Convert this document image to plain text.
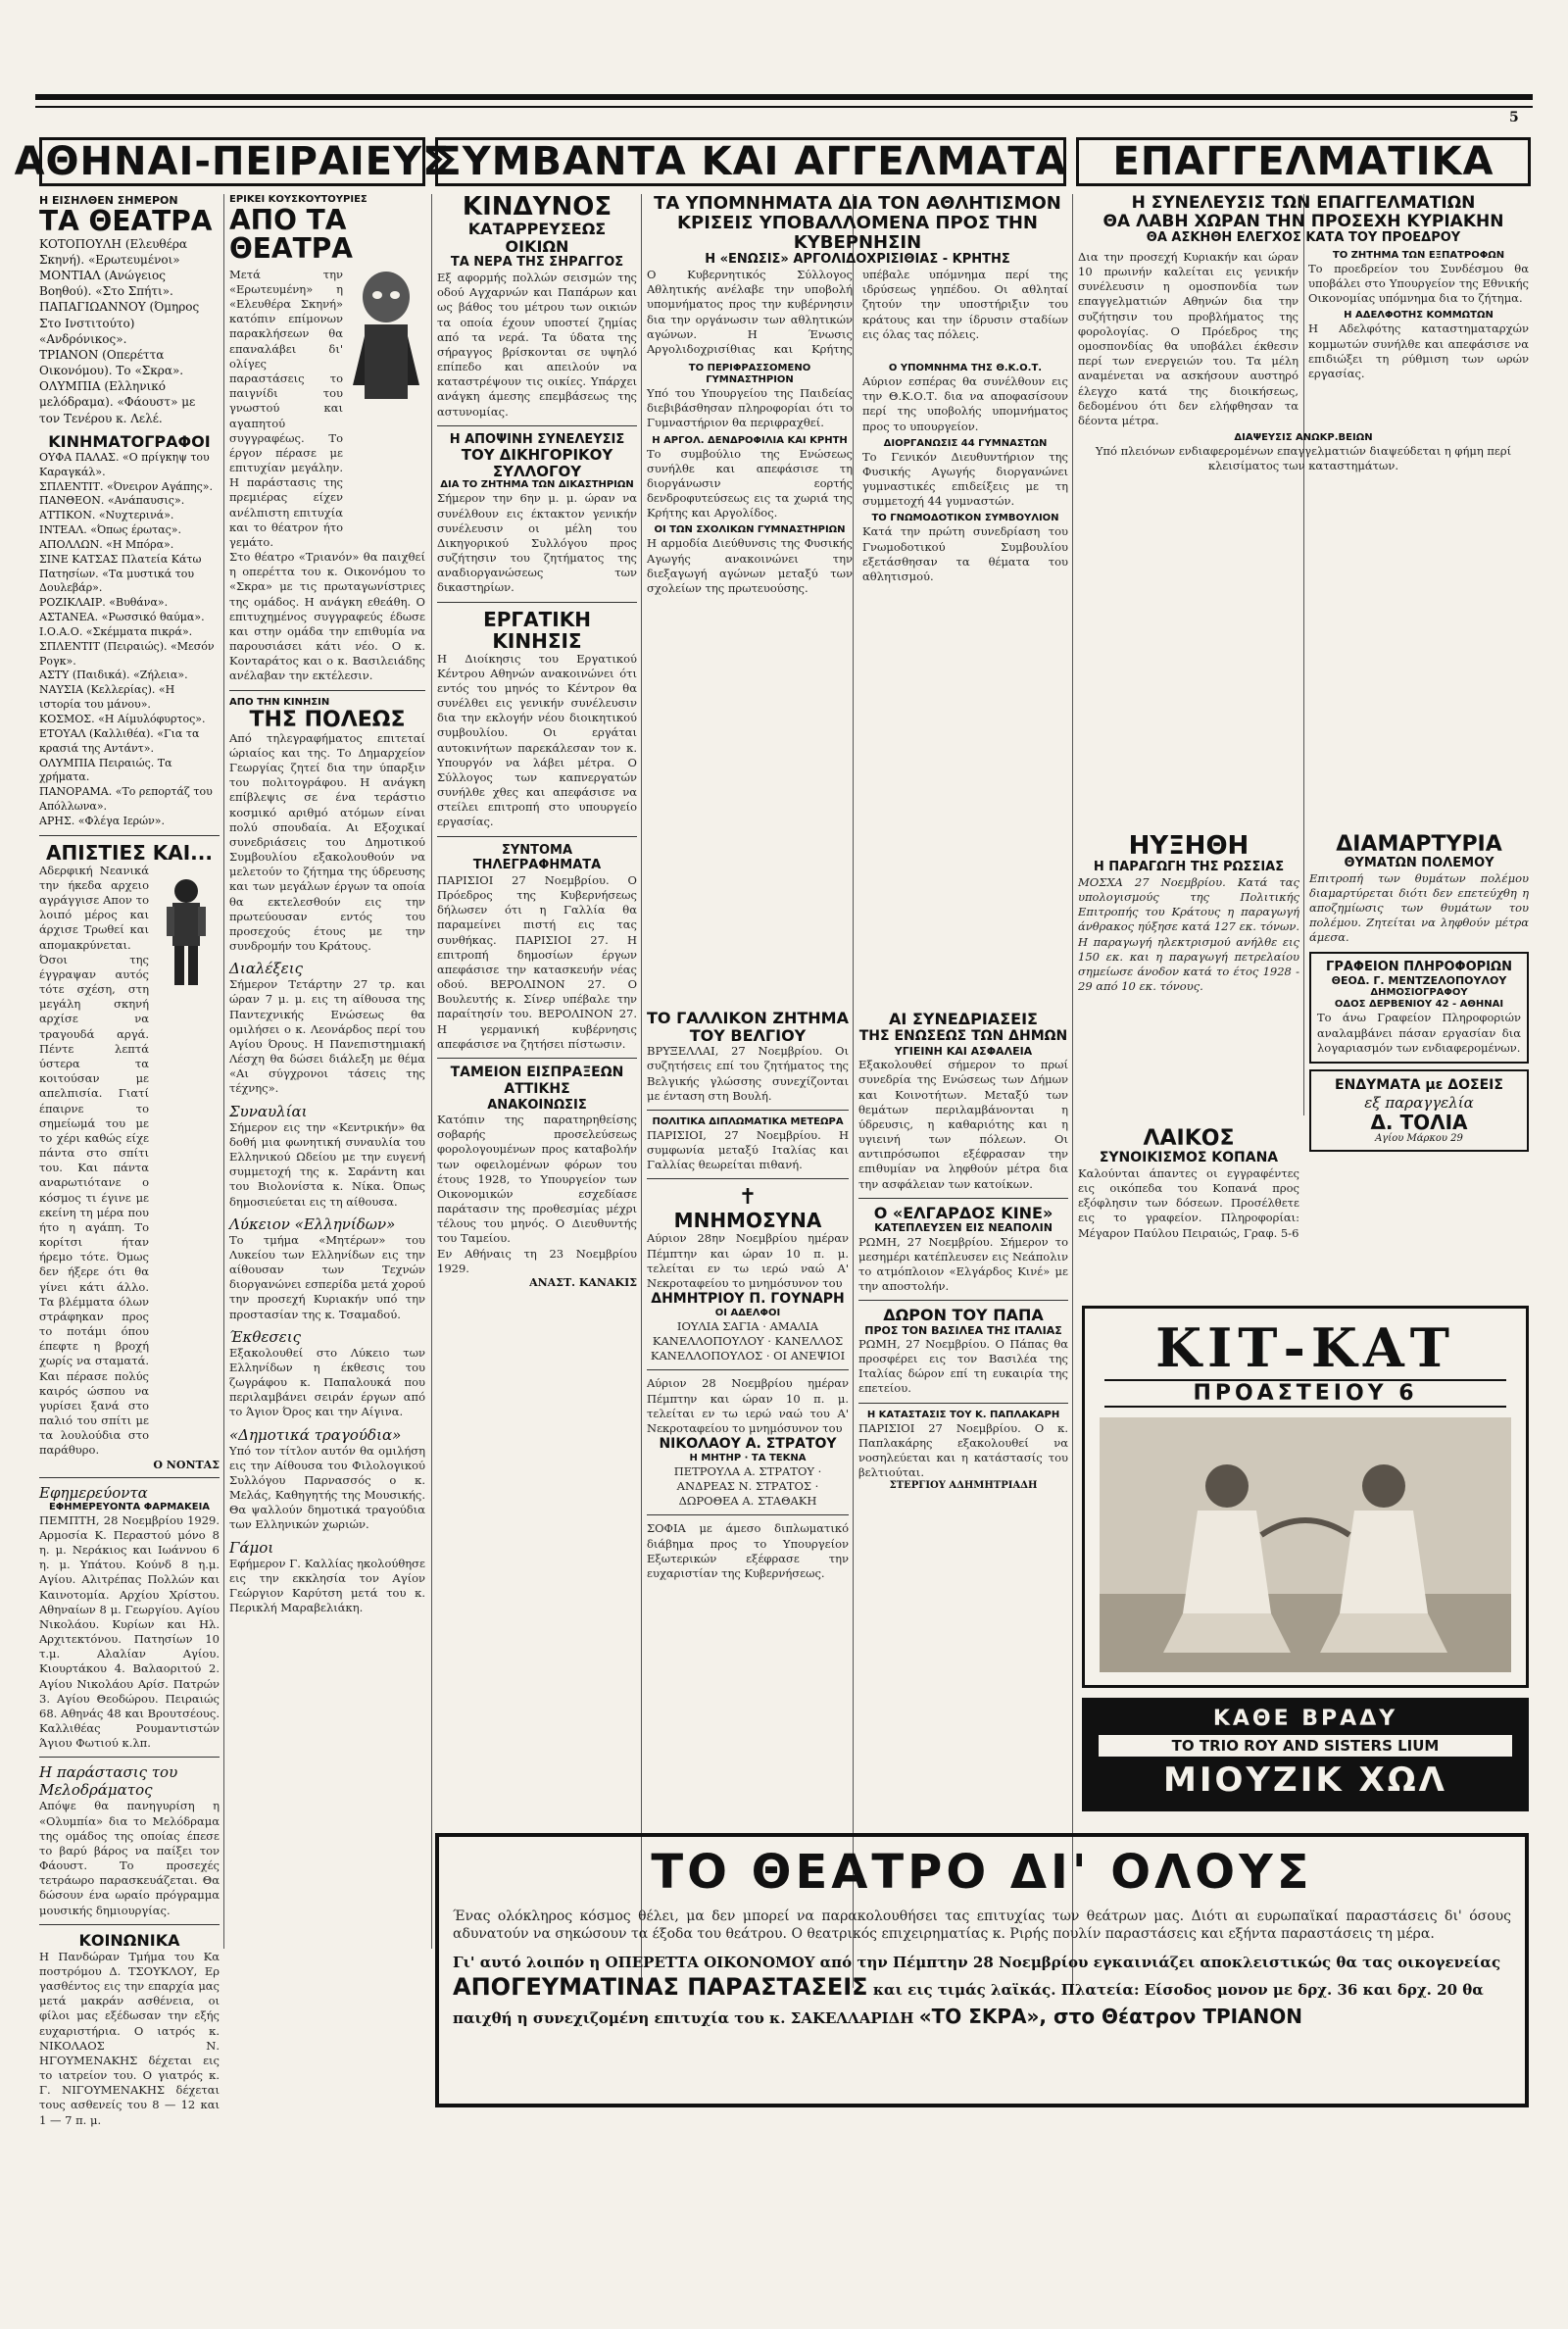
5
ΑΘΗΝΑΙ-ΠΕΙΡΑΙΕΥΣ
ΣΥΜΒΑΝΤΑ ΚΑΙ ΑΓΓΕΛΜΑΤΑ	ΕΠΑΓΓΕΛΜΑΤΙΚΑ
Η ΕΙΣΗΛΘΕΝ ΣΗΜΕΡΟΝ
ΤΑ ΘΕΑΤΡΑ
ΚΟΤΟΠΟΥΛΗ (Ελευθέρα Σκηνή). «Ερωτευμένοι»
ΜΟΝΤΙΑΛ (Ανώγειος Βοηθού). «Στο Σπήτι».
ΠΑΠΑΓΙΩΑΝΝΟΥ (Όμηρος Στο Ινστιτούτο) «Ανδρόνικος».
ΤΡΙΑΝΟΝ (Οπερέττα Οικονόμου). Το «Σκρα».
ΟΛΥΜΠΙΑ (Ελληνικό μελόδραμα). «Φάουστ» με τον Τενέρου κ. Λελέ.
ΚΙΝΗΜΑΤΟΓΡΑΦΟΙ
ΟΥΦΑ ΠΑΛΑΣ. «Ο πρίγκηψ του Καραγκάλ».
ΣΠΛΕΝΤΙΤ. «Όνειρον Αγάπης».
ΠΑΝΘΕΟΝ. «Ανάπαυσις».
ΑΤΤΙΚΟΝ. «Νυχτερινά».
ΙΝΤΕΑΛ. «Όπως έρωτας».
ΑΠΟΛΛΩΝ. «Η Μπόρα».
ΣΙΝΕ ΚΑΤΣΑΣ Πλατεία Κάτω Πατησίων. «Τα μυστικά του Δουλεβάρ».
ΡΟΖΙΚΛΑΙΡ. «Βυθάνα».
ΑΣΤΑΝΕΑ. «Ρωσσικό θαύμα».
Ι.Ο.Α.Ο. «Σκέμματα πικρά».
ΣΠΛΕΝΤΙΤ (Πειραιώς). «Μεσόν Ρογκ».
ΑΣΤΥ (Παιδικά). «Ζήλεια».
ΝΑΥΣΙΑ (Κελλερίας). «Η ιστορία του μάνου».
ΚΟΣΜΟΣ. «Η Αίμυλόφυρτος».
ΕΤΟΥΑΛ (Καλλιθέα). «Για τα κρασιά της Αντάντ».
ΟΛΥΜΠΙΑ Πειραιώς. Τα χρήματα.
ΠΑΝΟΡΑΜΑ. «Το ρεπορτάζ του Απόλλωνα».
ΑΡΗΣ. «Φλέγα Ιερών».
ΑΠΙΣΤΙΕΣ ΚΑΙ...
Αδερφική Νεανικά την ήκεδα αρχειο αγράγγισε Απον το λοιπό μέρος και άρχισε Τρωθεί και απομακρύνεται. Όσοι της έγγραψαν αυτός τότε σχέση, στη μεγάλη σκηνή αρχίσε να τραγουδά αργά. Πέντε λεπτά ύστερα τα κοιτούσαν με απελπισία. Γιατί έπαιρνε το σημείωμά του με το χέρι καθώς είχε πάντα στο σπίτι του. Και πάντα αναρωτιότανε ο κόσμος τι έγινε με εκείνη τη μέρα που ήτο η αγάπη. Το κορίτσι ήταν ήρεμο τότε. Όμως δεν ήξερε ότι θα γίνει κάτι άλλο. Τα βλέμματα όλων στράφηκαν προς το ποτάμι όπου έπεφτε η βροχή χωρίς να σταματά. Και πέρασε πολύς καιρός ώσπου να γυρίσει ξανά στο παλιό του σπίτι με τα λουλούδια στο παράθυρο.
Ο ΝΟΝΤΑΣ
Εφημερεύοντα
ΕΦΗΜΕΡΕΥΟΝΤΑ ΦΑΡΜΑΚΕΙΑ
ΠΕΜΠΤΗ, 28 Νοεμβρίου 1929. Αρμοσία Κ. Περαστού μόνο 8 η. μ. Νεράκιος και Ιωάννου 6 η. μ. Υπάτου. Κούνδ 8 η.μ. Αγίου. Αλιτρέπας Πολλών και Καινοτομία. Αρχίου Χρίστου. Αθηναίων 8 μ. Γεωργίου. Αγίου Νικολάου. Κυρίων και Ηλ. Αρχιτεκτόνου. Πατησίων 10 τ.μ. Αλαλίαν Αγίου. Κιουρτάκου 4. Βαλαοριτού 2. Αγίου Νικολάου Αρίσ. Πατρών 3. Αγίου Θεοδώρου. Πειραιώς 68. Αθηνάς 48 και Βρουτσέους. Καλλιθέας Ρουμαντιστών Άγιου Φωτιού κ.λπ.
Η παράστασις του Μελοδράματος
Απόψε θα πανηγυρίση η «Ολυμπία» δια το Μελόδραμα της ομάδος της οποίας έπεσε το βαρύ βάρος να παίξει τον Φάουστ. Το προσεχές τετράωρο παρασκευάζεται. Θα δώσουν ένα ωραίο πρόγραμμα μουσικής δημιουργίας.
ΚΟΙΝΩΝΙΚΑ
Η Πανδώραν Τμήμα του Κα ποστρόμου Δ. ΤΣΟΥΚΛΟΥ, Ερ γασθέντος εις την επαρχία μας μετά μακράν ασθένεια, οι φίλοι μας εξέδωσαν την εξής ευχαριστήρια. Ο ιατρός κ. ΝΙΚΟΛΑΟΣ Ν. ΗΓΟΥΜΕΝΑΚΗΣ δέχεται εις το ιατρείον του. Ο γιατρός κ. Γ. ΝΙΓΟΥΜΕΝΑΚΗΣ δέχεται τους ασθενείς του 8 — 12 και 1 — 7 π. μ.
ΕΡΙΚΕΙ ΚΟΥΣΚΟΥΤΟΥΡΙΕΣ
ΑΠΟ ΤΑ ΘΕΑΤΡΑ
Μετά την «Ερωτευμένη» η «Ελευθέρα Σκηνή» κατόπιν επίμονων παρακλήσεων θα επαναλάβει δι' ολίγες παραστάσεις το παιγνίδι του γνωστού και αγαπητού συγγραφέως. Το έργον πέρασε με επιτυχίαν μεγάλην. Η παράστασις της πρεμιέρας είχεν ανέλπιστη επιτυχία και το θέατρον ήτο γεμάτο.
Στο θέατρο «Τριανόν» θα παιχθεί η οπερέττα του κ. Οικονόμου το «Σκρα» με τις πρωταγωνίστριες της ομάδος. Η ανάγκη εθεάθη. Ο επιτυχημένος συγγραφεύς έδωσε και στην ομάδα την επιθυμία να παρουσιάσει κάτι νέο. Ο κ. Κονταράτος και ο κ. Βασιλειάδης ανέλαβαν την εκτέλεσιν.
ΑΠΟ ΤΗΝ ΚΙΝΗΣΙΝ
ΤΗΣ ΠΟΛΕΩΣ
Από τηλεγραφήματος επιτεταί ώριαίος και της. Το Δημαρχείον Γεωργίας ζητεί δια την ύπαρξιν του πολιτογράφου. Η ανάγκη επίβλεψις σε ένα τεράστιο κοσμικό αριθμό ατόμων είναι πολύ σπουδαία. Αι Εξοχικαί συνεδριάσεις του Δημοτικού Συμβουλίου εξακολουθούν να μελετούν το ζήτημα της ύδρευσης και των μεγάλων έργων τα οποία θα εκτελεσθούν εις την πρωτεύουσαν εντός του προσεχούς έτους με την συνδρομήν του Κράτους.
Διαλέξεις
Σήμερον Τετάρτην 27 τρ. και ώραν 7 μ. μ. εις τη αίθουσα της Παντεχνικής Ενώσεως θα ομιλήσει ο κ. Λεονάρδος περί του Αγίου Όρους. Η Πανεπιστημιακή Λέσχη θα δώσει διάλεξη με θέμα «Αι σύγχρονοι τάσεις της τέχνης».
Συναυλίαι
Σήμερον εις την «Κεντρικήν» θα δοθή μια φωνητική συναυλία του Ελληνικού Ωδείου με την ευγενή συμμετοχή της κ. Σαράντη και του Βιολονίστα κ. Νίκα. Όπως δημοσιεύεται εις τη αίθουσα.
Λύκειον «Ελληνίδων»
Το τμήμα «Μητέρων» του Λυκείου των Ελληνίδων εις την αίθουσαν των Τεχνών διοργανώνει εσπερίδα μετά χορού την προσεχή Κυριακήν υπό την προστασίαν της κ. Τσαμαδού.
Έκθεσεις
Εξακολουθεί στο Λύκειο των Ελληνίδων η έκθεσις του ζωγράφου κ. Παπαλουκά που περιλαμβάνει σειράν έργων από το Άγιον Όρος και την Αίγινα.
«Δημοτικά τραγούδια»
Υπό τον τίτλον αυτόν θα ομιλήση εις την Αίθουσα του Φιλολογικού Συλλόγου Παρνασσός ο κ. Μελάς, Καθηγητής της Μουσικής. Θα ψαλλούν δημοτικά τραγούδια των Ελληνικών χωριών.
Γάμοι
Εφήμερον Γ. Καλλίας ηκολούθησε εις την εκκλησία τον Αγίον Γεώργιον Καρύτση μετά του κ. Περικλή Μαραβελιάκη.
ΚΙΝΔΥΝΟΣ
ΚΑΤΑΡΡΕΥΣΕΩΣ ΟΙΚΙΩΝ
ΤΑ ΝΕΡΑ ΤΗΣ ΣΗΡΑΓΓΟΣ
Εξ αφορμής πολλών σεισμών της οδού Αγχαρνών και Παπάρων και ως βάθος του μέτρου των οικιών τα οποία έχουν υποστεί ζημίας από τα νερά. Τα ύδατα της σήραγγος βρίσκονται σε υψηλό επίπεδο και απειλούν να καταστρέψουν τις οικίες. Υπάρχει ανάγκη άμεσης επεμβάσεως της αστυνομίας.
Η ΑΠΟΨΙΝΗ ΣΥΝΕΛΕΥΣΙΣ
ΤΟΥ ΔΙΚΗΓΟΡΙΚΟΥ ΣΥΛΛΟΓΟΥ
ΔΙΑ ΤΟ ΖΗΤΗΜΑ ΤΩΝ ΔΙΚΑΣΤΗΡΙΩΝ
Σήμερον την 6ην μ. μ. ώραν να συνέλθουν εις έκτακτον γενικήν συνέλευσιν οι μέλη του Δικηγορικού Συλλόγου προς συζήτησιν του ζητήματος της αναδιοργανώσεως των δικαστηρίων.
ΕΡΓΑΤΙΚΗ ΚΙΝΗΣΙΣ
Η Διοίκησις του Εργατικού Κέντρου Αθηνών ανακοινώνει ότι εντός του μηνός το Κέντρον θα συνέλθει εις γενικήν συνέλευσιν δια την εκλογήν νέου διοικητικού συμβουλίου. Οι εργάται αυτοκινήτων παρεκάλεσαν τον κ. Υπουργόν να λάβει μέτρα. Ο Σύλλογος των καπνεργατών συνήλθε χθες και απεφάσισε να στείλει επιτροπή στο υπουργείο εργασίας.
ΣΥΝΤΟΜΑ ΤΗΛΕΓΡΑΦΗΜΑΤΑ
ΠΑΡΙΣΙΟΙ 27 Νοεμβρίου. Ο Πρόεδρος της Κυβερνήσεως δήλωσεν ότι η Γαλλία θα παραμείνει πιστή εις τας συνθήκας. ΠΑΡΙΣΙΟΙ 27. Η επιτροπή δημοσίων έργων απεφάσισε την κατασκευήν νέας οδού. ΒΕΡΟΛΙΝΟΝ 27. Ο Βουλευτής κ. Σίνερ υπέβαλε την παραίτησίν του. ΒΕΡΟΛΙΝΟΝ 27. Η γερμανική κυβέρνησις απεφάσισε να ζητήσει πίστωσιν.
ΤΑΜΕΙΟΝ ΕΙΣΠΡΑΞΕΩΝ ΑΤΤΙΚΗΣ
ΑΝΑΚΟΙΝΩΣΙΣ
Κατόπιν της παρατηρηθείσης σοβαρής προσελεύσεως φορολογουμένων προς καταβολήν των οφειλομένων φόρων του έτους 1928, το Υπουργείον των Οικονομικών εσχεδίασε παράτασιν της προθεσμίας μέχρι τέλους του μηνός. Ο Διευθυντής του Ταμείου.
Εν Αθήναις τη 23 Νοεμβρίου 1929.
ΑΝΑΣΤ. ΚΑΝΑΚΙΣ
ΤΑ ΥΠΟΜΝΗΜΑΤΑ ΔΙΑ ΤΟΝ ΑΘΛΗΤΙΣΜΟΝ
ΚΡΙΣΕΙΣ ΥΠΟΒΑΛΛΟΜΕΝΑ ΠΡΟΣ ΤΗΝ ΚΥΒΕΡΝΗΣΙΝ
Η «ΕΝΩΣΙΣ» ΑΡΓΟΛΙΔΟΧΡΙΣΙΘΙΑΣ - ΚΡΗΤΗΣ
Ο Κυβερνητικός Σύλλογος Αθλητικής ανέλαβε την υποβολή υπομνήματος προς την κυβέρνησιν δια την οργάνωσιν των αθλητικών αγώνων. Η Ένωσις Αργολιδοχρισίθιας και Κρήτης υπέβαλε υπόμνημα περί της ιδρύσεως γηπέδου. Οι αθληταί ζητούν την υποστήριξιν του κράτους και την ίδρυσιν σταδίων εις όλας τας πόλεις.
ΤΟ ΠΕΡΙΦΡΑΣΣΟΜΕΝΟ ΓΥΜΝΑΣΤΗΡΙΟΝ
Υπό του Υπουργείου της Παιδείας διεβιβάσθησαν πληροφορίαι ότι το Γυμναστήριον θα περιφραχθεί.
Η ΑΡΓΟΛ. ΔΕΝΔΡΟΦΙΛΙΑ ΚΑΙ ΚΡΗΤΗ
Το συμβούλιο της Ενώσεως συνήλθε και απεφάσισε τη διοργάνωσιν εορτής δενδροφυτεύσεως εις τα χωριά της Κρήτης και Αργολίδος.
ΟΙ ΤΩΝ ΣΧΟΛΙΚΩΝ ΓΥΜΝΑΣΤΗΡΙΩΝ
Η αρμοδία Διεύθυνσις της Φυσικής Αγωγής ανακοινώνει την διεξαγωγή αγώνων μεταξύ των σχολείων της πρωτευούσης.
Ο ΥΠΟΜΝΗΜΑ ΤΗΣ Θ.Κ.Ο.Τ.
Αύριον εσπέρας θα συνέλθουν εις την Θ.Κ.Ο.Τ. δια να αποφασίσουν περί της υποβολής υπομνήματος προς το υπουργείον.
ΔΙΟΡΓΑΝΩΣΙΣ 44 ΓΥΜΝΑΣΤΩΝ
Το Γενικόν Διευθυντήριον της Φυσικής Αγωγής διοργανώνει γυμναστικές επιδείξεις με τη συμμετοχή 44 γυμναστών.
ΤΟ ΓΝΩΜΟΔΟΤΙΚΟΝ ΣΥΜΒΟΥΛΙΟΝ
Κατά την πρώτη συνεδρίαση του Γνωμοδοτικού Συμβουλίου εξετάσθησαν τα θέματα του αθλητισμού.
ΤΟ ΓΑΛΛΙΚΟΝ ΖΗΤΗΜΑ ΤΟΥ ΒΕΛΓΙΟΥ
ΒΡΥΞΕΛΛΑΙ, 27 Νοεμβρίου. Οι συζητήσεις επί του ζητήματος της Βελγικής γλώσσης συνεχίζονται με ένταση στη Βουλή.
ΠΟΛΙΤΙΚΑ ΔΙΠΛΩΜΑΤΙΚΑ ΜΕΤΕΩΡΑ
ΠΑΡΙΣΙΟΙ, 27 Νοεμβρίου. Η συμφωνία μεταξύ Ιταλίας και Γαλλίας θεωρείται πιθανή.
✝
ΜΝΗΜΟΣΥΝΑ
Αύριον 28ην Νοεμβρίου ημέραν Πέμπτην και ώραν 10 π. μ. τελείται εν τω ιερώ ναώ Α' Νεκροταφείου το μνημόσυνον του
ΔΗΜΗΤΡΙΟΥ Π. ΓΟΥΝΑΡΗ
ΟΙ ΑΔΕΛΦΟΙ
ΙΟΥΛΙΑ ΣΑΓΙΑ · ΑΜΑΛΙΑ ΚΑΝΕΛΛΟΠΟΥΛΟΥ · ΚΑΝΕΛΛΟΣ ΚΑΝΕΛΛΟΠΟΥΛΟΣ · ΟΙ ΑΝΕΨΙΟΙ
Αύριον 28 Νοεμβρίου ημέραν Πέμπτην και ώραν 10 π. μ. τελείται εν τω ιερώ ναώ του Α' Νεκροταφείου το μνημόσυνον του
ΝΙΚΟΛΑΟΥ Α. ΣΤΡΑΤΟΥ
Η ΜΗΤΗΡ · ΤΑ ΤΕΚΝΑ
ΠΕΤΡΟΥΛΑ Α. ΣΤΡΑΤΟΥ · ΑΝΔΡΕΑΣ Ν. ΣΤΡΑΤΟΣ · ΔΩΡΟΘΕΑ Α. ΣΤΑΘΑΚΗ
ΣΟΦΙΑ με άμεσο διπλωματικό διάβημα προς το Υπουργείον Εξωτερικών εξέφρασε την ευχαριστίαν της Κυβερνήσεως.
ΑΙ ΣΥΝΕΔΡΙΑΣΕΙΣ
ΤΗΣ ΕΝΩΣΕΩΣ ΤΩΝ ΔΗΜΩΝ
ΥΓΙΕΙΝΗ ΚΑΙ ΑΣΦΑΛΕΙΑ
Εξακολουθεί σήμερον το πρωί συνεδρία της Ενώσεως των Δήμων και Κοινοτήτων. Μεταξύ των θεμάτων περιλαμβάνονται η ύδρευσις, η καθαριότης και η υγιεινή των πόλεων. Οι αντιπρόσωποι εξέφρασαν την επιθυμίαν να ληφθούν μέτρα δια την ασφάλειαν των κατοίκων.
Ο «ΕΛΓΑΡΔΟΣ ΚΙΝΕ»
ΚΑΤΕΠΛΕΥΣΕΝ ΕΙΣ ΝΕΑΠΟΛΙΝ
ΡΩΜΗ, 27 Νοεμβρίου. Σήμερον το μεσημέρι κατέπλευσεν εις Νεάπολιν το ατμόπλοιον «Ελγάρδος Κινέ» με την αποστολήν.
ΔΩΡΟΝ ΤΟΥ ΠΑΠΑ
ΠΡΟΣ ΤΟΝ ΒΑΣΙΛΕΑ ΤΗΣ ΙΤΑΛΙΑΣ
ΡΩΜΗ, 27 Νοεμβρίου. Ο Πάπας θα προσφέρει εις τον Βασιλέα της Ιταλίας δώρον επί τη ευκαιρία της επετείου.
Η ΚΑΤΑΣΤΑΣΙΣ ΤΟΥ Κ. ΠΑΠΛΑΚΑΡΗ
ΠΑΡΙΣΙΟΙ 27 Νοεμβρίου. Ο κ. Παπλακάρης εξακολουθεί να νοσηλεύεται και η κατάστασίς του βελτιούται.
ΣΤΕΡΓΙΟΥ ΑΔΗΜΗΤΡΙΑΔΗ
Η ΣΥΝΕΛΕΥΣΙΣ ΤΩΝ ΕΠΑΓΓΕΛΜΑΤΙΩΝ
ΘΑ ΛΑΒΗ ΧΩΡΑΝ ΤΗΝ ΠΡΟΣΕΧΗ ΚΥΡΙΑΚΗΝ
ΘΑ ΑΣΚΗΘΗ ΕΛΕΓΧΟΣ ΚΑΤΑ ΤΟΥ ΠΡΟΕΔΡΟΥ
Δια την προσεχή Κυριακήν και ώραν 10 πρωινήν καλείται εις γενικήν συνέλευσιν η ομοσπονδία των επαγγελματιών Αθηνών δια την συζήτησιν του προβλήματος της φορολογίας. Ο Πρόεδρος της ομοσπονδίας θα υποβάλει έκθεσιν περί των ενεργειών του. Τα μέλη αναμένεται να ασκήσουν αυστηρό έλεγχο κατά της διοικήσεως, δεδομένου ότι δεν ελήφθησαν τα δέοντα μέτρα.
ΤΟ ΖΗΤΗΜΑ ΤΩΝ ΕΞΠΑΤΡΟΦΩΝ
Το προεδρείον του Συνδέσμου θα υποβάλει στο Υπουργείον της Εθνικής Οικονομίας υπόμνημα δια το ζήτημα.
Η ΑΔΕΛΦΟΤΗΣ ΚΟΜΜΩΤΩΝ
Η Αδελφότης καταστηματαρχών κομμωτών συνήλθε και απεφάσισε να επιδιώξει τη ρύθμιση των ωρών εργασίας.
ΔΙΑΨΕΥΣΙΣ ΑΝΩΚΡ.ΒΕΙΩΝ
Υπό πλειόνων ενδιαφερομένων επαγγελματιών διαψεύδεται η φήμη περί κλεισίματος των καταστημάτων.
ΗΥΞΗΘΗ
Η ΠΑΡΑΓΩΓΗ ΤΗΣ ΡΩΣΣΙΑΣ
ΜΟΣΧΑ 27 Νοεμβρίου. Κατά τας υπολογισμούς της Πολιτικής Επιτροπής του Κράτους η παραγωγή άνθρακος ηύξησε κατά 127 εκ. τόνων. Η παραγωγή ηλεκτρισμού ανήλθε εις 150 εκ. και η παραγωγή πετρελαίου σημείωσε άνοδον κατά το έτος 1928 - 29 από 10 εκ. τόνους.
ΔΙΑΜΑΡΤΥΡΙΑ
ΘΥΜΑΤΩΝ ΠΟΛΕΜΟΥ
Επιτροπή των θυμάτων πολέμου διαμαρτύρεται διότι δεν επετεύχθη η αποζημίωσις των θυμάτων του πολέμου. Ζητείται να ληφθούν μέτρα άμεσα.
ΓΡΑΦΕΙΟΝ ΠΛΗΡΟΦΟΡΙΩΝ
ΘΕΟΔ. Γ. ΜΕΝΤΖΕΛΟΠΟΥΛΟΥ
ΔΗΜΟΣΙΟΓΡΑΦΟΥ
ΟΔΟΣ ΔΕΡΒΕΝΙΟΥ 42 - ΑΘΗΝΑΙ
Το άνω Γραφείον Πληροφοριών αναλαμβάνει πάσαν εργασίαν δια λογαριασμόν των ενδιαφερομένων.
ΕΝΔΥΜΑΤΑ με ΔΟΣΕΙΣ
εξ παραγγελία
Δ. ΤΟΛΙΑ
Αγίου Μάρκου 29
ΛΑΙΚΟΣ
ΣΥΝΟΙΚΙΣΜΟΣ ΚΟΠΑΝΑ
Καλούνται άπαντες οι εγγραφέντες εις οικόπεδα του Κοπανά προς εξόφλησιν των δόσεων. Προσέλθετε εις το γραφείον. Πληροφορίαι: Μέγαρον Παύλου Πειραιώς, Γραφ. 5-6
ΚΙΤ-ΚΑΤ
ΠΡΟΑΣΤΕΙΟΥ 6
ΚΑΘΕ ΒΡΑΔΥ
TO TRIO ROY AND SISTERS LIUM
ΜΙΟΥΖΙΚ ΧΩΛ
ΤΟ ΘΕΑΤΡΟ ΔΙ' ΟΛΟΥΣ
Ένας ολόκληρος κόσμος θέλει, μα δεν μπορεί να παρακολουθήσει τας επιτυχίας των θεάτρων μας. Διότι αι ευρωπαϊκαί παραστάσεις δι' όσους αδυνατούν να σηκώσουν τα έξοδα του θεάτρου. Ο θεατρικός επιχειρηματίας κ. Ριρής πουλίν παραστάσεις και εξήντα παραστάσεις τη μέρα.
Γι' αυτό λοιπόν η ΟΠΕΡΕΤΤΑ ΟΙΚΟΝΟΜΟΥ από την Πέμπτην 28 Νοεμβρίου εγκαινιάζει αποκλειστικώς θα τας οικογενείας ΑΠΟΓΕΥΜΑΤΙΝΑΣ ΠΑΡΑΣΤΑΣΕΙΣ και εις τιμάς λαϊκάς. Πλατεία: Είσοδος μονον με δρχ. 36 και δρχ. 20 θα παιχθή η συνεχιζομένη επιτυχία του κ. ΣΑΚΕΛΛΑΡΙΔΗ «ΤΟ ΣΚΡΑ», στο Θέατρον ΤΡΙΑΝΟΝ
